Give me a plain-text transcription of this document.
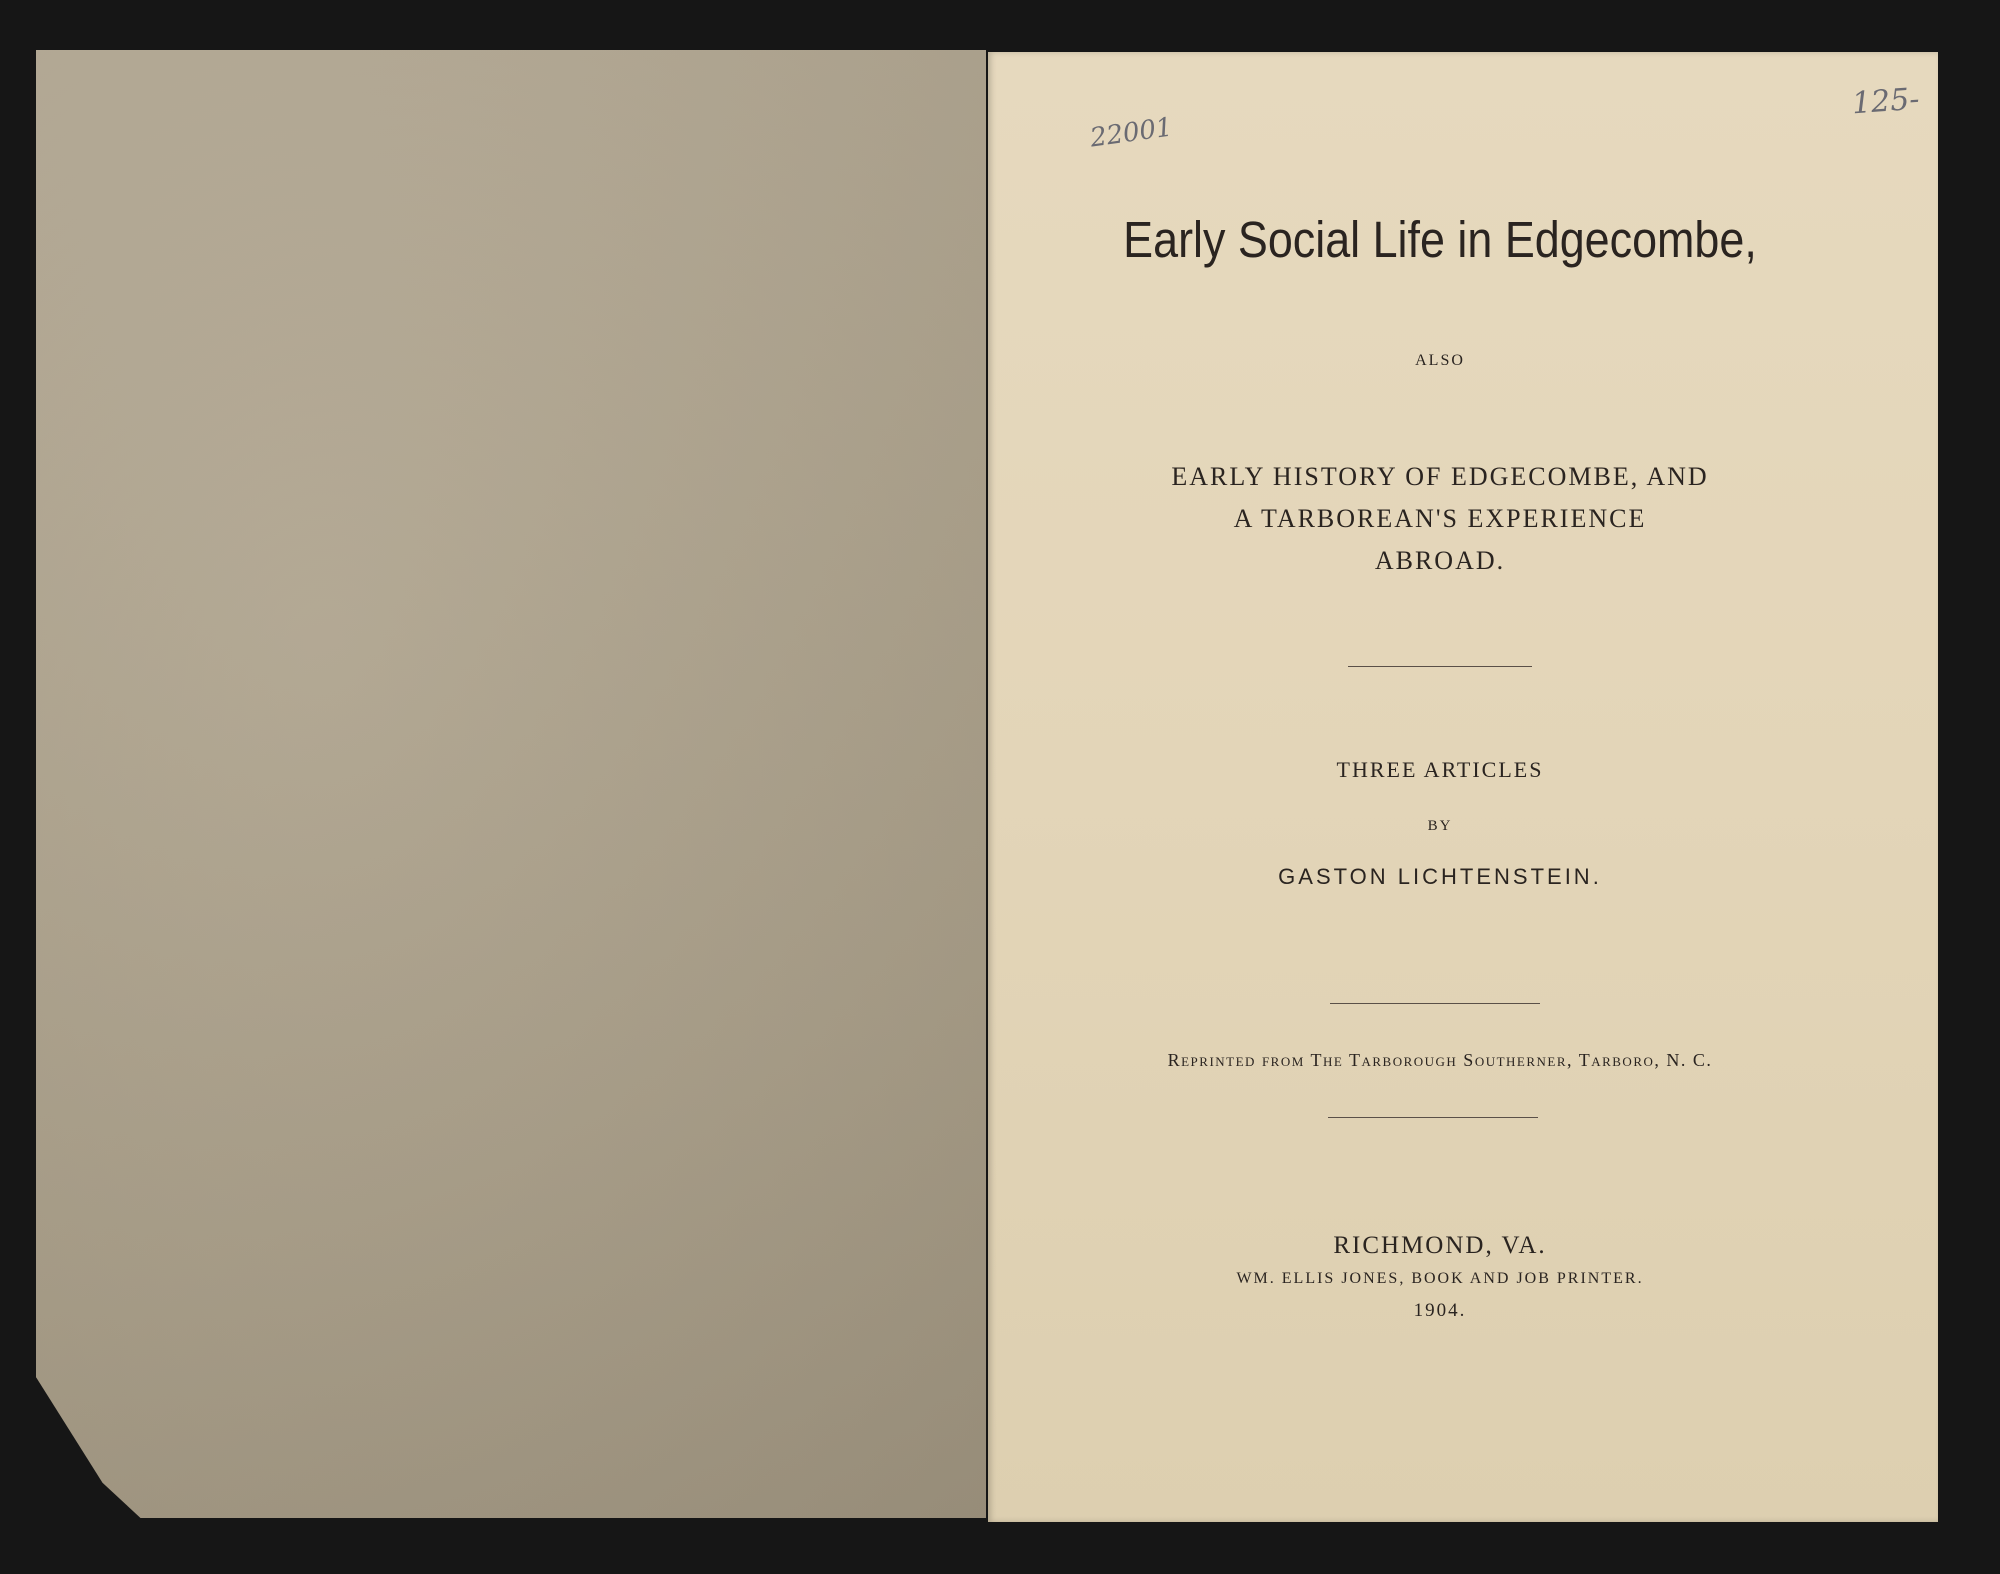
22001
125-
Early Social Life in Edgecombe,
ALSO
EARLY HISTORY OF EDGECOMBE, AND
A TARBOREAN'S EXPERIENCE
ABROAD.
THREE ARTICLES
BY
GASTON LICHTENSTEIN.
Reprinted from The Tarborough Southerner, Tarboro, N. C.
RICHMOND, VA.
WM. ELLIS JONES, BOOK AND JOB PRINTER.
1904.
